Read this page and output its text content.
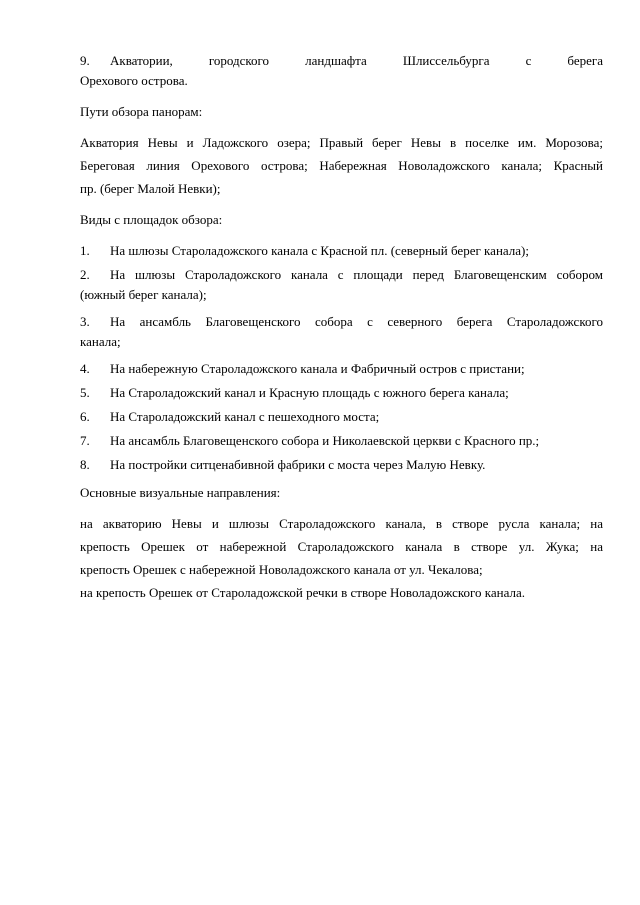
9.	Акватории, городского ландшафта Шлиссельбурга с берега

Орехового острова.

Пути обзора панорам:

Акватория Невы и Ладожского озера; Правый берег Невы в поселке им. Морозова;

Береговая линия Орехового острова; Набережная Новоладожского канала; Красный

пр. (берег Малой Невки);

Виды с площадок обзора:

1.	На шлюзы Староладожского канала с Красной пл. (северный берег канала);
2.	На шлюзы Староладожского канала с площади перед Благовещенским собором

(южный берег канала);

3.	На ансамбль Благовещенского собора с северного берега Староладожского

канала;

4.	На набережную Староладожского канала и Фабричный остров с пристани;
5.	На Староладожский канал и Красную площадь с южного берега канала;
6.	На Староладожский канал с пешеходного моста;
7.	На ансамбль Благовещенского собора и Николаевской церкви с Красного пр.;
8.	На постройки ситценабивной фабрики с моста через Малую Невку.

Основные визуальные направления:

на акваторию Невы и шлюзы Староладожского канала, в створе русла канала; на

крепость Орешек от набережной Староладожского канала в створе ул. Жука; на

крепость Орешек с набережной Новоладожского канала от ул. Чекалова;

на крепость Орешек от Староладожской речки в створе Новоладожского канала.
